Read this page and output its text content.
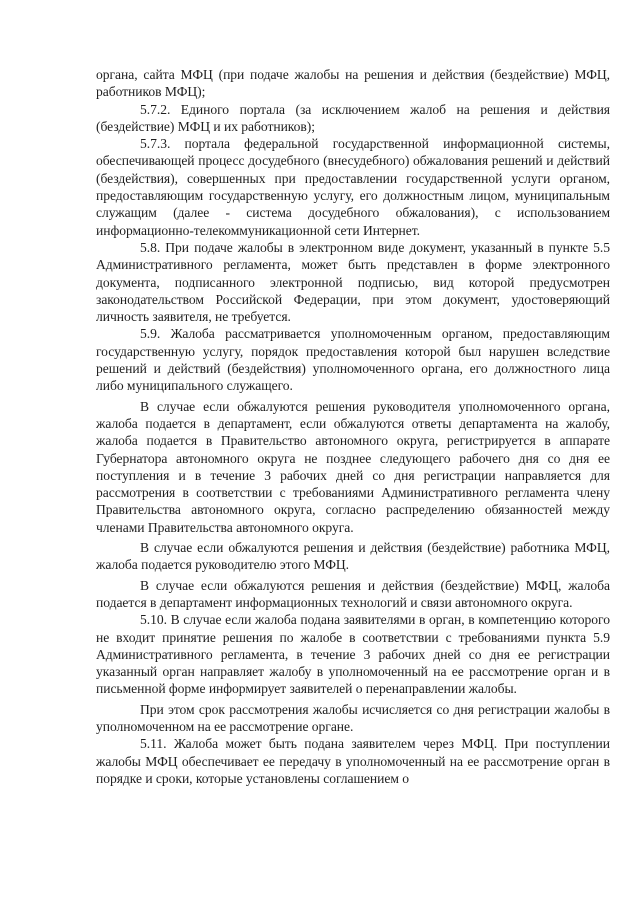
органа, сайта МФЦ (при подаче жалобы на решения и действия (бездействие) МФЦ, работников МФЦ);

5.7.2. Единого портала (за исключением жалоб на решения и действия (бездействие) МФЦ и их работников);

5.7.3. портала федеральной государственной информационной системы, обеспечивающей процесс досудебного (внесудебного) обжалования решений и действий (бездействия), совершенных при предоставлении государственной услуги органом, предоставляющим государственную услугу, его должностным лицом, муниципальным служащим (далее - система досудебного обжалования), с использованием информационно-телекоммуникационной сети Интернет.

5.8. При подаче жалобы в электронном виде документ, указанный в пункте 5.5 Административного регламента, может быть представлен в форме электронного документа, подписанного электронной подписью, вид которой предусмотрен законодательством Российской Федерации, при этом документ, удостоверяющий личность заявителя, не требуется.

5.9. Жалоба рассматривается уполномоченным органом, предоставляющим государственную услугу, порядок предоставления которой был нарушен вследствие решений и действий (бездействия) уполномоченного органа, его должностного лица либо муниципального служащего.

В случае если обжалуются решения руководителя уполномоченного органа, жалоба подается в департамент, если обжалуются ответы департамента на жалобу, жалоба подается в Правительство автономного округа, регистрируется в аппарате Губернатора автономного округа не позднее следующего рабочего дня со дня ее поступления и в течение 3 рабочих дней со дня регистрации направляется для рассмотрения в соответствии с требованиями Административного регламента члену Правительства автономного округа, согласно распределению обязанностей между членами Правительства автономного округа.

В случае если обжалуются решения и действия (бездействие) работника МФЦ, жалоба подается руководителю этого МФЦ.

В случае если обжалуются решения и действия (бездействие) МФЦ, жалоба подается в департамент информационных технологий и связи автономного округа.

5.10. В случае если жалоба подана заявителями в орган, в компетенцию которого не входит принятие решения по жалобе в соответствии с требованиями пункта 5.9 Административного регламента, в течение 3 рабочих дней со дня ее регистрации указанный орган направляет жалобу в уполномоченный на ее рассмотрение орган и в письменной форме информирует заявителей о перенаправлении жалобы.

При этом срок рассмотрения жалобы исчисляется со дня регистрации жалобы в уполномоченном на ее рассмотрение органе.

5.11. Жалоба может быть подана заявителем через МФЦ. При поступлении жалобы МФЦ обеспечивает ее передачу в уполномоченный на ее рассмотрение орган в порядке и сроки, которые установлены соглашением о
